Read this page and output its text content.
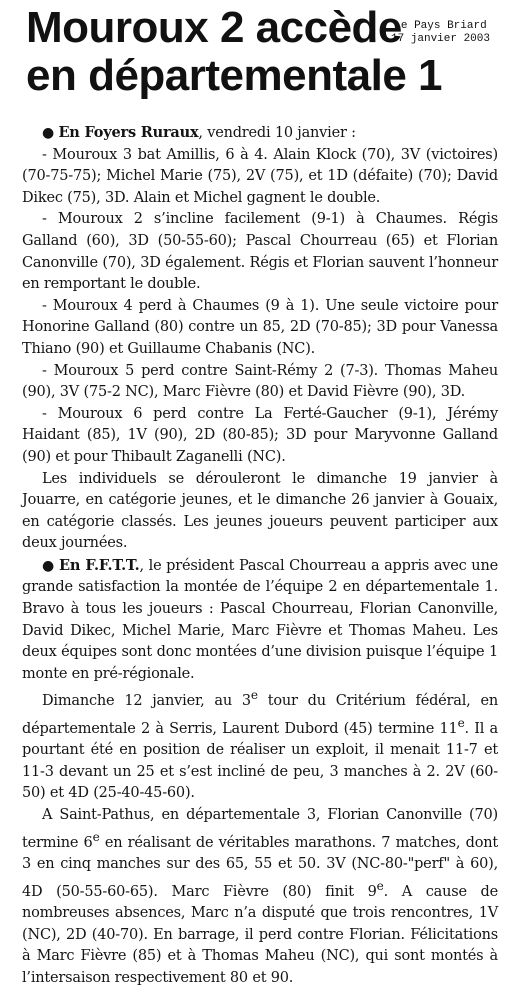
Mouroux 2 accède
en départementale 1
Le Pays Briard
17 janvier 2003

● En Foyers Ruraux, vendredi 10 janvier :

- Mouroux 3 bat Amillis, 6 à 4. Alain Klock (70), 3V (victoires) (70-75-75); Michel Marie (75), 2V (75), et 1D (défaite) (70); David Dikec (75), 3D. Alain et Michel gagnent le double.

- Mouroux 2 s’incline facilement (9-1) à Chaumes. Régis Galland (60), 3D (50-55-60); Pascal Chourreau (65) et Florian Canonville (70), 3D également. Régis et Florian sauvent l’honneur en remportant le double.

- Mouroux 4 perd à Chaumes (9 à 1). Une seule victoire pour Honorine Galland (80) contre un 85, 2D (70-85); 3D pour Vanessa Thiano (90) et Guillaume Chabanis (NC).

- Mouroux 5 perd contre Saint-Rémy 2 (7-3). Thomas Maheu (90), 3V (75-2 NC), Marc Fièvre (80) et David Fièvre (90), 3D.

- Mouroux 6 perd contre La Ferté-Gaucher (9-1), Jérémy Haidant (85), 1V (90), 2D (80-85); 3D pour Maryvonne Galland (90) et pour Thibault Zaganelli (NC).

Les individuels se dérouleront le dimanche 19 janvier à Jouarre, en catégorie jeunes, et le dimanche 26 janvier à Gouaix, en catégorie classés. Les jeunes joueurs peuvent participer aux deux journées.

● En F.F.T.T., le président Pascal Chourreau a appris avec une grande satisfaction la montée de l’équipe 2 en départementale 1. Bravo à tous les joueurs : Pascal Chourreau, Florian Canonville, David Dikec, Michel Marie, Marc Fièvre et Thomas Maheu. Les deux équipes sont donc montées d’une division puisque l’équipe 1 monte en pré-régionale.

Dimanche 12 janvier, au 3e tour du Critérium fédéral, en départementale 2 à Serris, Laurent Dubord (45) termine 11e. Il a pourtant été en position de réaliser un exploit, il menait 11-7 et 11-3 devant un 25 et s’est incliné de peu, 3 manches à 2. 2V (60-50) et 4D (25-40-45-60).

A Saint-Pathus, en départementale 3, Florian Canonville (70) termine 6e en réalisant de véritables marathons. 7 matches, dont 3 en cinq manches sur des 65, 55 et 50. 3V (NC-80-"perf" à 60), 4D (50-55-60-65). Marc Fièvre (80) finit 9e. A cause de nombreuses absences, Marc n’a disputé que trois rencontres, 1V (NC), 2D (40-70). En barrage, il perd contre Florian. Félicitations à Marc Fièvre (85) et à Thomas Maheu (NC), qui sont montés à l’intersaison respectivement 80 et 90.
